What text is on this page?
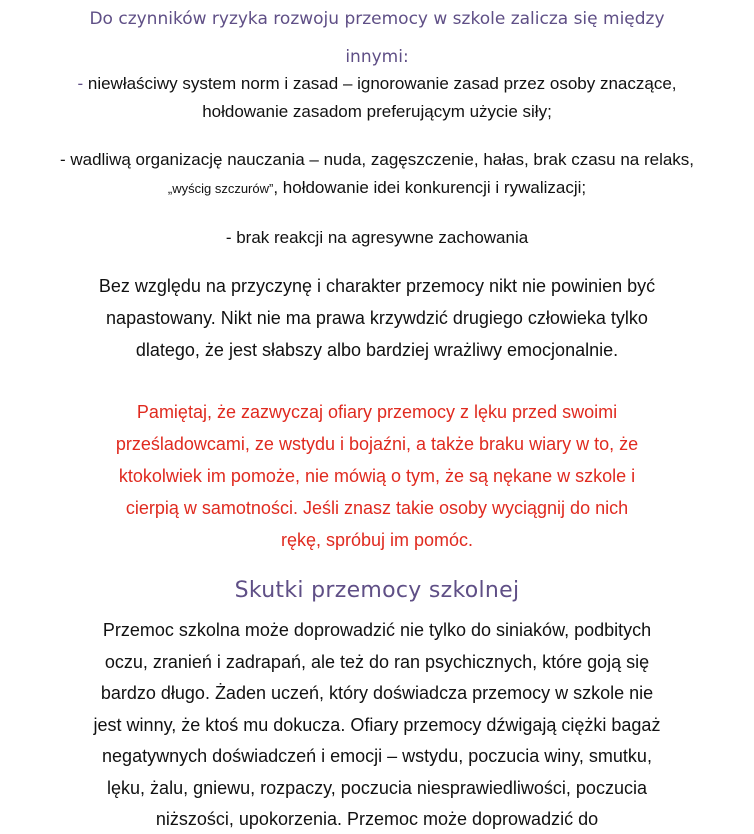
Do czynników ryzyka rozwoju przemocy w szkole zalicza się między innymi:
- niewłaściwy system norm i zasad – ignorowanie zasad przez osoby znaczące, hołdowanie zasadom preferującym użycie siły;
- wadliwą organizację nauczania – nuda, zagęszczenie, hałas, brak czasu na relaks, „wyścig szczurów”, hołdowanie idei konkurencji i rywalizacji;
- brak reakcji na agresywne zachowania
Bez względu na przyczynę i charakter przemocy nikt nie powinien być napastowany. Nikt nie ma prawa krzywdzić drugiego człowieka tylko dlatego, że jest słabszy albo bardziej wrażliwy emocjonalnie.
Pamiętaj, że zazwyczaj ofiary przemocy z lęku przed swoimi prześladowcami, ze wstydu i bojaźni, a także braku wiary w to, że ktokolwiek im pomoże, nie mówią o tym, że są nękane w szkole i cierpią w samotności. Jeśli znasz takie osoby wyciągnij do nich rękę, spróbuj im pomóc.
Skutki przemocy szkolnej
Przemoc szkolna może doprowadzić nie tylko do siniaków, podbitych oczu, zranień i zadrapań, ale też do ran psychicznych, które goją się bardzo długo. Żaden uczeń, który doświadcza przemocy w szkole nie jest winny, że ktoś mu dokucza. Ofiary przemocy dźwigają ciężki bagaż negatywnych doświadczeń i emocji – wstydu, poczucia winy, smutku, lęku, żalu, gniewu, rozpaczy, poczucia niesprawiedliwości, poczucia niższości, upokorzenia. Przemoc może doprowadzić do
